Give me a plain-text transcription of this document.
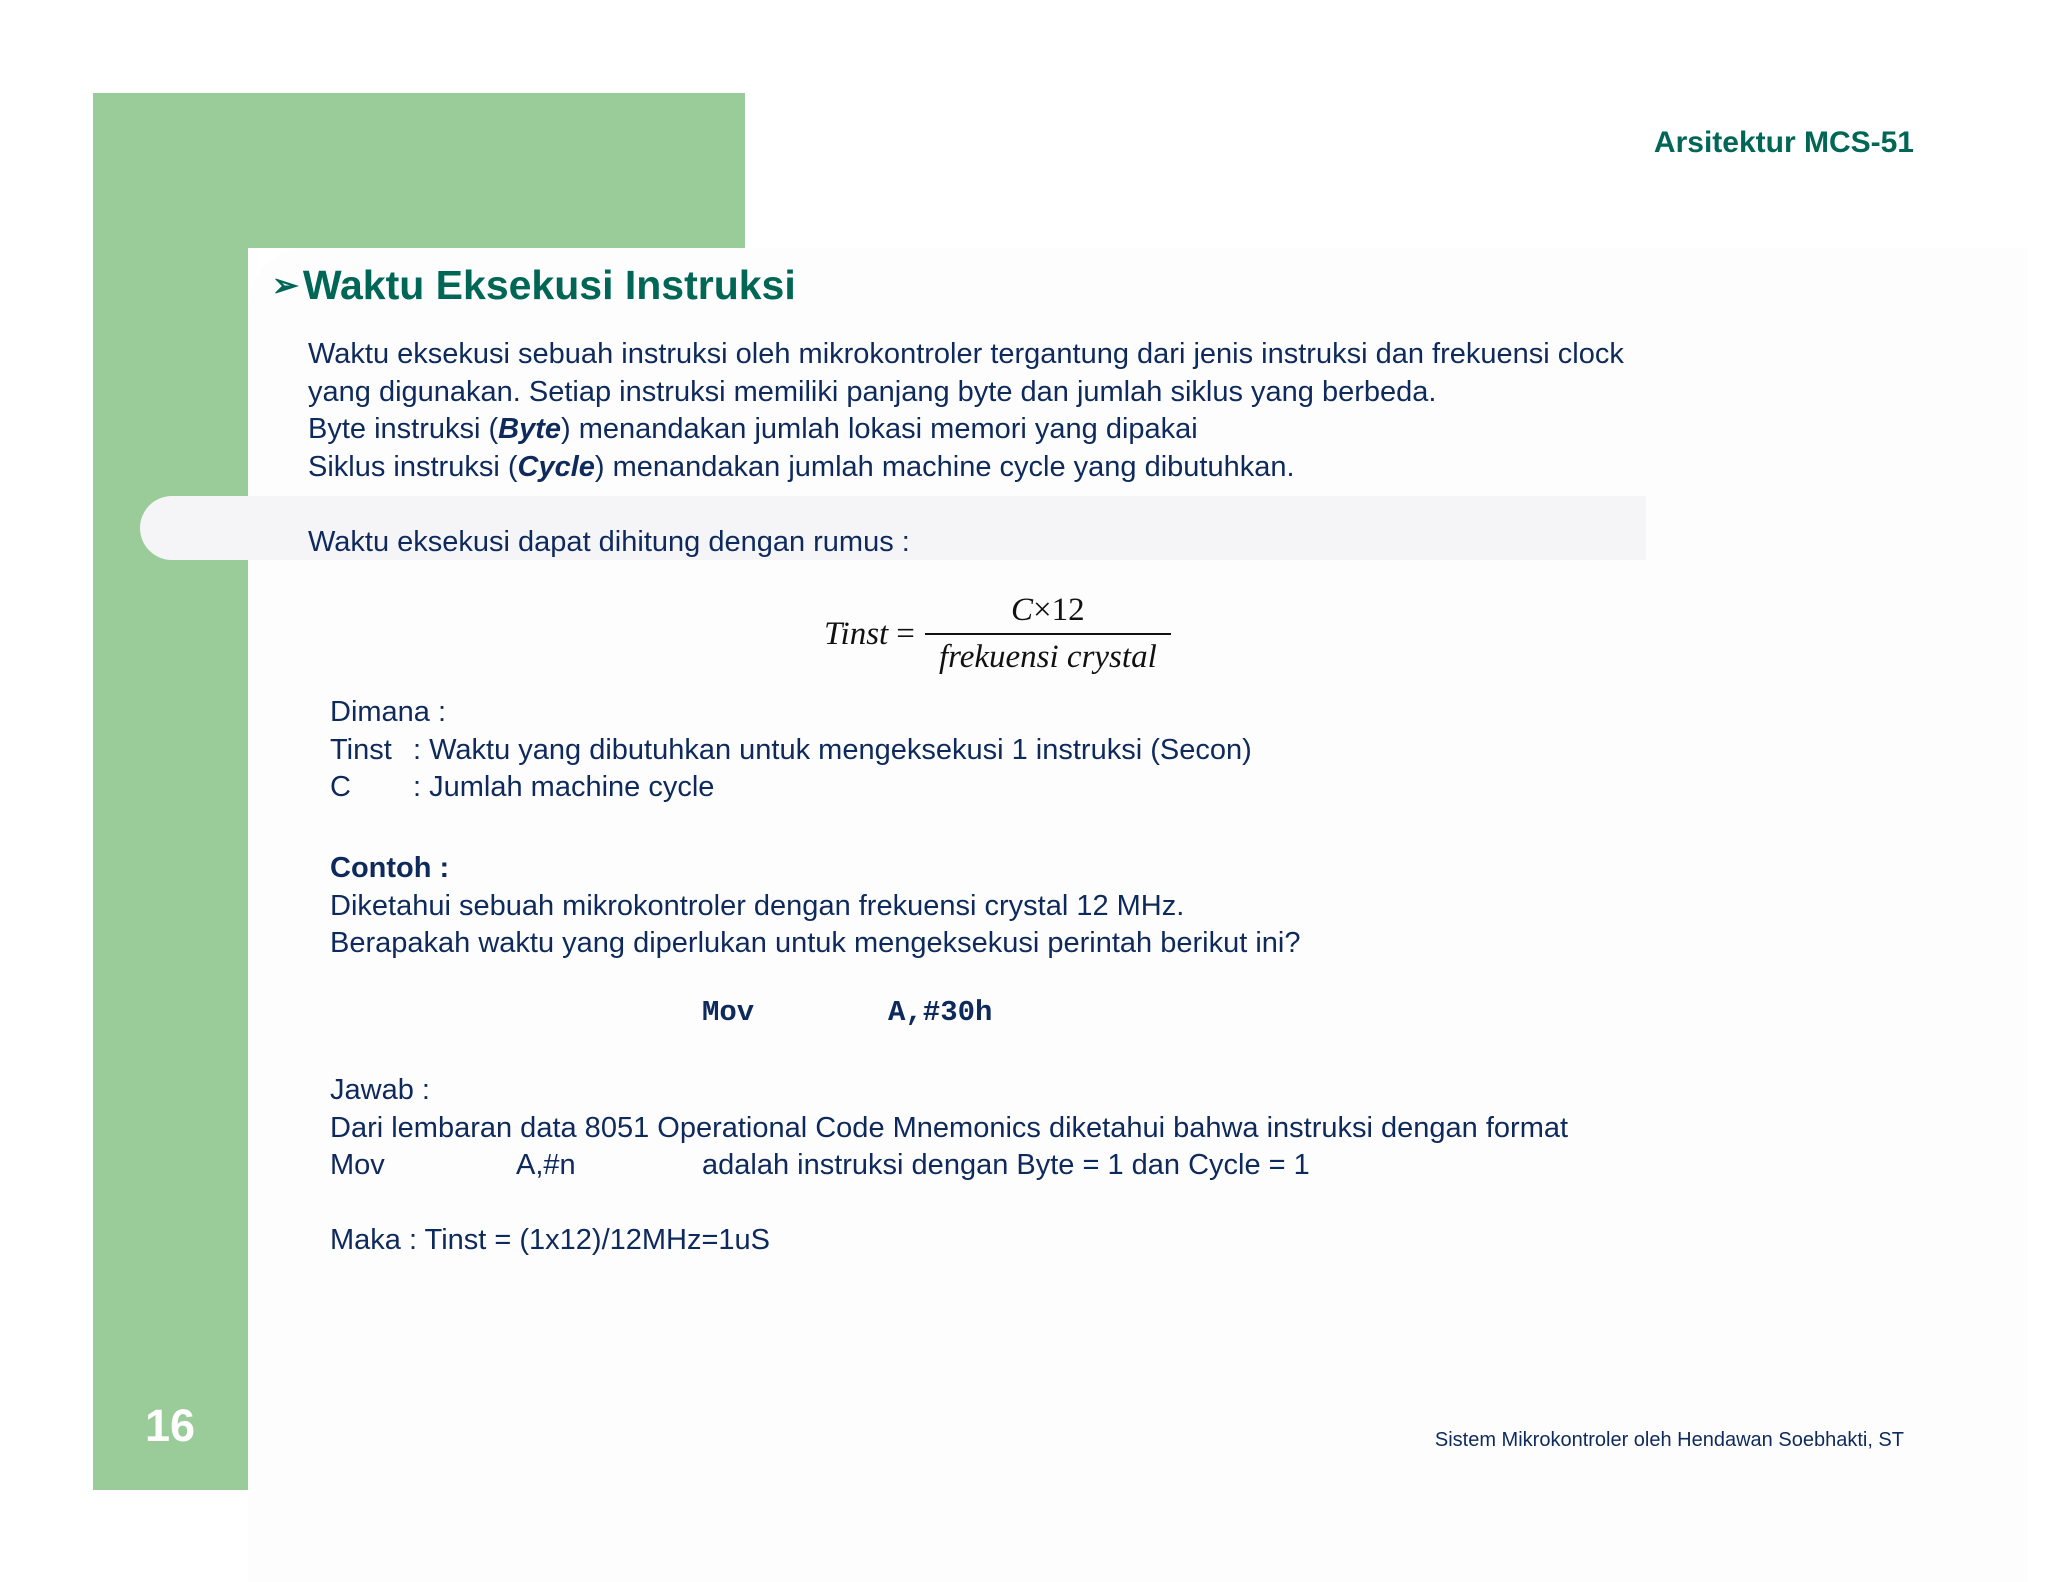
Arsitektur MCS-51
➢Waktu Eksekusi Instruksi
Waktu eksekusi sebuah instruksi oleh mikrokontroler tergantung dari jenis instruksi dan frekuensi clock
yang digunakan. Setiap instruksi memiliki panjang byte dan jumlah siklus yang berbeda.
Byte instruksi (Byte) menandakan jumlah lokasi memori yang dipakai
Siklus instruksi (Cycle) menandakan jumlah machine cycle yang dibutuhkan.

Waktu eksekusi dapat dihitung dengan rumus :
Tinst = $\frac{C\times 12}{\text{frekuensi crystal}}$
Dimana :
Tinst : Waktu yang dibutuhkan untuk mengeksekusi 1 instruksi (Secon)
C : Jumlah machine cycle
Contoh :
Diketahui sebuah mikrokontroler dengan frekuensi crystal 12 MHz.
Berapakah waktu yang diperlukan untuk mengeksekusi perintah berikut ini?

Mov	A,#30h

Jawab :
Dari lembaran data 8051 Operational Code Mnemonics diketahui bahwa instruksi dengan format
Mov	A,#n	adalah instruksi dengan Byte = 1 dan Cycle = 1

Maka : Tinst = (1x12)/12MHz=1uS

16	Sistem Mikrokontroler oleh Hendawan Soebhakti, ST
